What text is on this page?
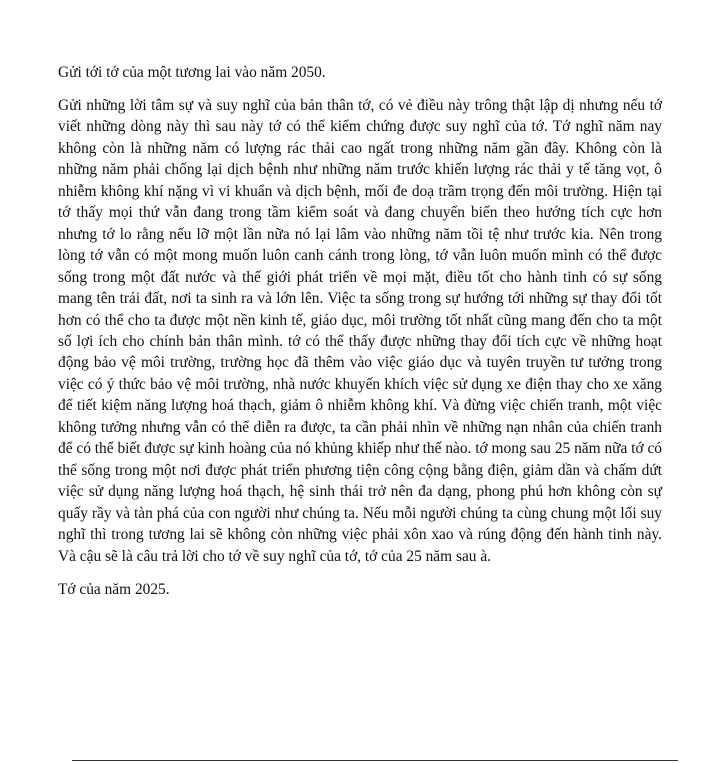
Gửi tới tớ của một tương lai vào năm 2050.

Gửi những lời tâm sự và suy nghĩ của bản thân tớ, có vẻ điều này trông thật lập dị nhưng nếu tớ viết những dòng này thì sau này tớ có thể kiểm chứng được suy nghĩ của tớ. Tớ nghĩ năm nay không còn là những năm có lượng rác thải cao ngất trong những năm gần đây. Không còn là những năm phải chống lại dịch bệnh như những năm trước khiến lượng rác thải y tế tăng vọt, ô nhiễm không khí nặng vì vi khuẩn và dịch bệnh, mối đe doạ trầm trọng đến môi trường. Hiện tại tớ thấy mọi thứ vẫn đang trong tầm kiểm soát và đang chuyển biến theo hướng tích cực hơn nhưng tớ lo rằng nếu lỡ một lần nữa nó lại lâm vào những năm tồi tệ như trước kia. Nên trong lòng tớ vẫn có một mong muốn luôn canh cánh trong lòng, tớ vẫn luôn muốn mình có thể được sống trong một đất nước và thế giới phát triển về mọi mặt, điều tốt cho hành tinh có sự sống mang tên trái đất, nơi ta sinh ra và lớn lên. Việc ta sống trong sự hướng tới những sự thay đổi tốt hơn có thể cho ta được một nền kinh tế, giáo dục, môi trường tốt nhất cũng mang đến cho ta một số lợi ích cho chính bản thân mình. tớ có thể thấy được những thay đổi tích cực về những hoạt động bảo vệ môi trường, trường học đã thêm vào việc giáo dục và tuyên truyền tư tưởng trong việc có ý thức bảo vệ môi trường, nhà nước khuyến khích việc sử dụng xe điện thay cho xe xăng để tiết kiệm năng lượng hoá thạch, giảm ô nhiễm không khí. Và đừng việc chiến tranh, một việc không tưởng nhưng vẫn có thể diễn ra được, ta cần phải nhìn về những nạn nhân của chiến tranh để có thể biết được sự kinh hoàng của nó khủng khiếp như thế nào. tớ mong sau 25 năm nữa tớ có thể sống trong một nơi được phát triển phương tiện công cộng bằng điện, giảm dần và chấm dứt việc sử dụng năng lượng hoá thạch, hệ sinh thái trở nên đa dạng, phong phú hơn không còn sự quấy rầy và tàn phá của con người như chúng ta. Nếu mỗi người chúng ta cùng chung một lối suy nghĩ thì trong tương lai sẽ không còn những việc phải xôn xao và rúng động đến hành tinh này. Và cậu sẽ là câu trả lời cho tớ về suy nghĩ của tớ, tớ của 25 năm sau à.

Tớ của năm 2025.
